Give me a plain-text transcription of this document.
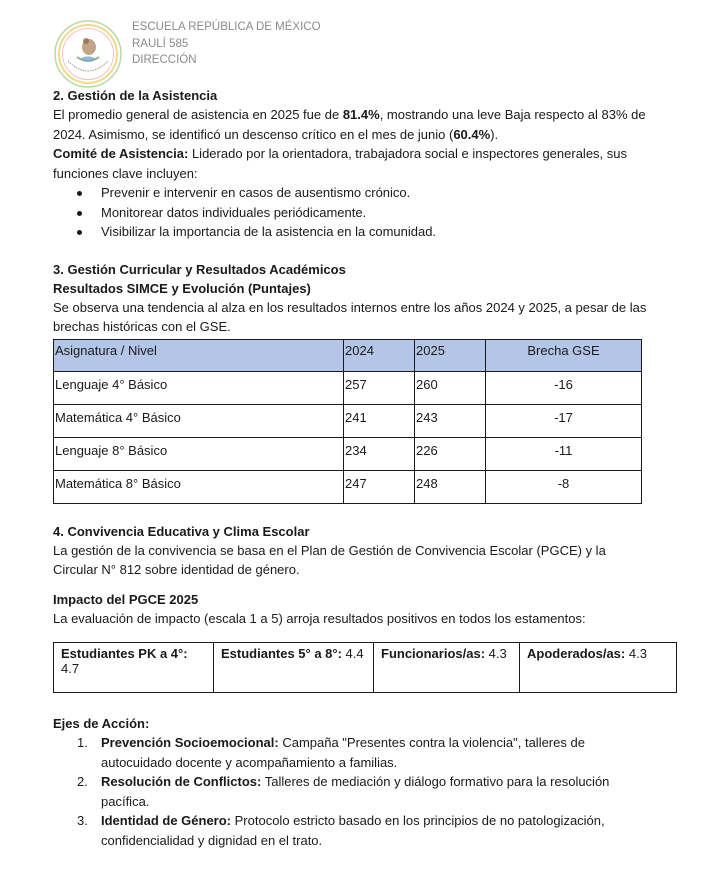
ESCUELA REPÚBLICA DE MÉXICO
RAULÍ 585
DIRECCIÓN
2. Gestión de la Asistencia
El promedio general de asistencia en 2025 fue de 81.4%, mostrando una leve Baja respecto al 83% de 2024. Asimismo, se identificó un descenso crítico en el mes de junio (60.4%).
Comité de Asistencia: Liderado por la orientadora, trabajadora social e inspectores generales, sus funciones clave incluyen:
Prevenir e intervenir en casos de ausentismo crónico.
Monitorear datos individuales periódicamente.
Visibilizar la importancia de la asistencia en la comunidad.
3. Gestión Curricular y Resultados Académicos
Resultados SIMCE y Evolución (Puntajes)
Se observa una tendencia al alza en los resultados internos entre los años 2024 y 2025, a pesar de las brechas históricas con el GSE.
Asignatura / Nivel	2024	2025	Brecha GSE
Lenguaje 4° Básico	257	260	-16
Matemática 4° Básico	241	243	-17
Lenguaje 8° Básico	234	226	-11
Matemática 8° Básico	247	248	-8
4. Convivencia Educativa y Clima Escolar
La gestión de la convivencia se basa en el Plan de Gestión de Convivencia Escolar (PGCE) y la Circular N° 812 sobre identidad de género.
Impacto del PGCE 2025
La evaluación de impacto (escala 1 a 5) arroja resultados positivos en todos los estamentos:
Estudiantes PK a 4°: 4.7	Estudiantes 5° a 8°: 4.4	Funcionarios/as: 4.3	Apoderados/as: 4.3
Ejes de Acción:
1. Prevención Socioemocional: Campaña "Presentes contra la violencia", talleres de autocuidado docente y acompañamiento a familias.
2. Resolución de Conflictos: Talleres de mediación y diálogo formativo para la resolución pacífica.
3. Identidad de Género: Protocolo estricto basado en los principios de no patologización, confidencialidad y dignidad en el trato.
